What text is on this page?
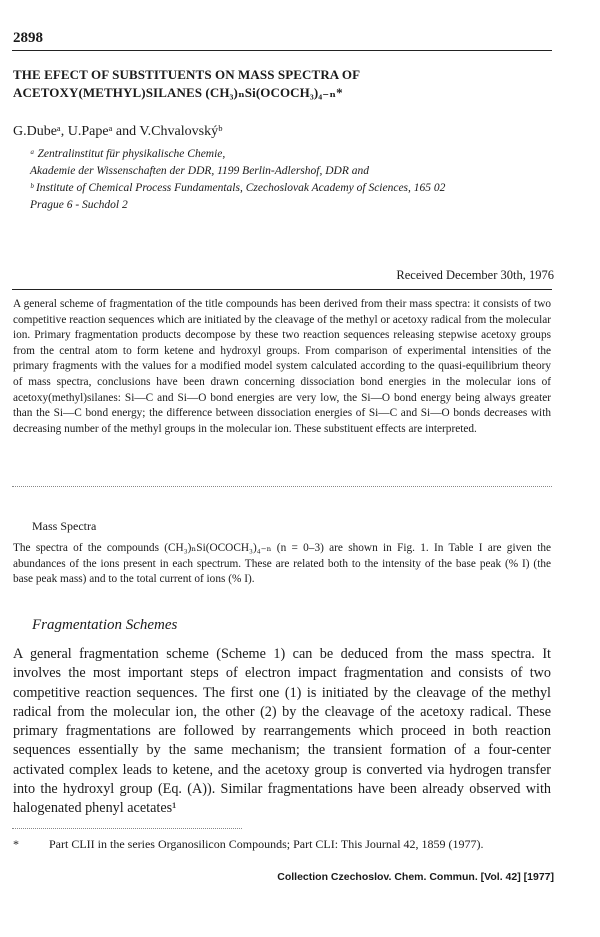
2898
THE EFECT OF SUBSTITUENTS ON MASS SPECTRA OF
ACETOXY(METHYL)SILANES (CH₃)ₙSi(OCOCH₃)₄₋ₙ*
G.Dubeᵃ, U.Papeᵃ and V.Chvalovskýᵇ
ᵃ Zentralinstitut für physikalische Chemie,
Akademie der Wissenschaften der DDR, 1199 Berlin-Adlershof, DDR and
ᵇ Institute of Chemical Process Fundamentals, Czechoslovak Academy of Sciences, 165 02
Prague 6 - Suchdol 2
Received December 30th, 1976
A general scheme of fragmentation of the title compounds has been derived from their mass spectra: it consists of two competitive reaction sequences which are initiated by the cleavage of the methyl or acetoxy radical from the molecular ion. Primary fragmentation products decompose by these two reaction sequences releasing stepwise acetoxy groups from the central atom to form ketene and hydroxyl groups. From comparison of experimental intensities of the primary fragments with the values for a modified model system calculated according to the quasi-equilibrium theory of mass spectra, conclusions have been drawn concerning dissociation bond energies in the molecular ions of acetoxy(methyl)silanes: Si—C and Si—O bond energies are very low, the Si—O bond energy being always greater than the Si—C bond energy; the difference between dissociation energies of Si—C and Si—O bonds decreases with decreasing number of the methyl groups in the molecular ion. These substituent effects are interpreted.
Mass Spectra
The spectra of the compounds (CH₃)ₙSi(OCOCH₃)₄₋ₙ (n = 0–3) are shown in Fig. 1. In Table I are given the abundances of the ions present in each spectrum. These are related both to the intensity of the base peak (% I) (the base peak mass) and to the total current of ions (% I).
Fragmentation Schemes
A general fragmentation scheme (Scheme 1) can be deduced from the mass spectra. It involves the most important steps of electron impact fragmentation and consists of two competitive reaction sequences. The first one (1) is initiated by the cleavage of the methyl radical from the molecular ion, the other (2) by the cleavage of the acetoxy radical. These primary fragmentations are followed by rearrangements which proceed in both reaction sequences essentially by the same mechanism; the transient formation of a four-center activated complex leads to ketene, and the acetoxy group is converted via hydrogen transfer into the hydroxyl group (Eq. (A)). Similar fragmentations have been already observed with halogenated phenyl acetates¹
*	Part CLII in the series Organosilicon Compounds; Part CLI: This Journal 42, 1859 (1977).
Collection Czechoslov. Chem. Commun. [Vol. 42] [1977]
